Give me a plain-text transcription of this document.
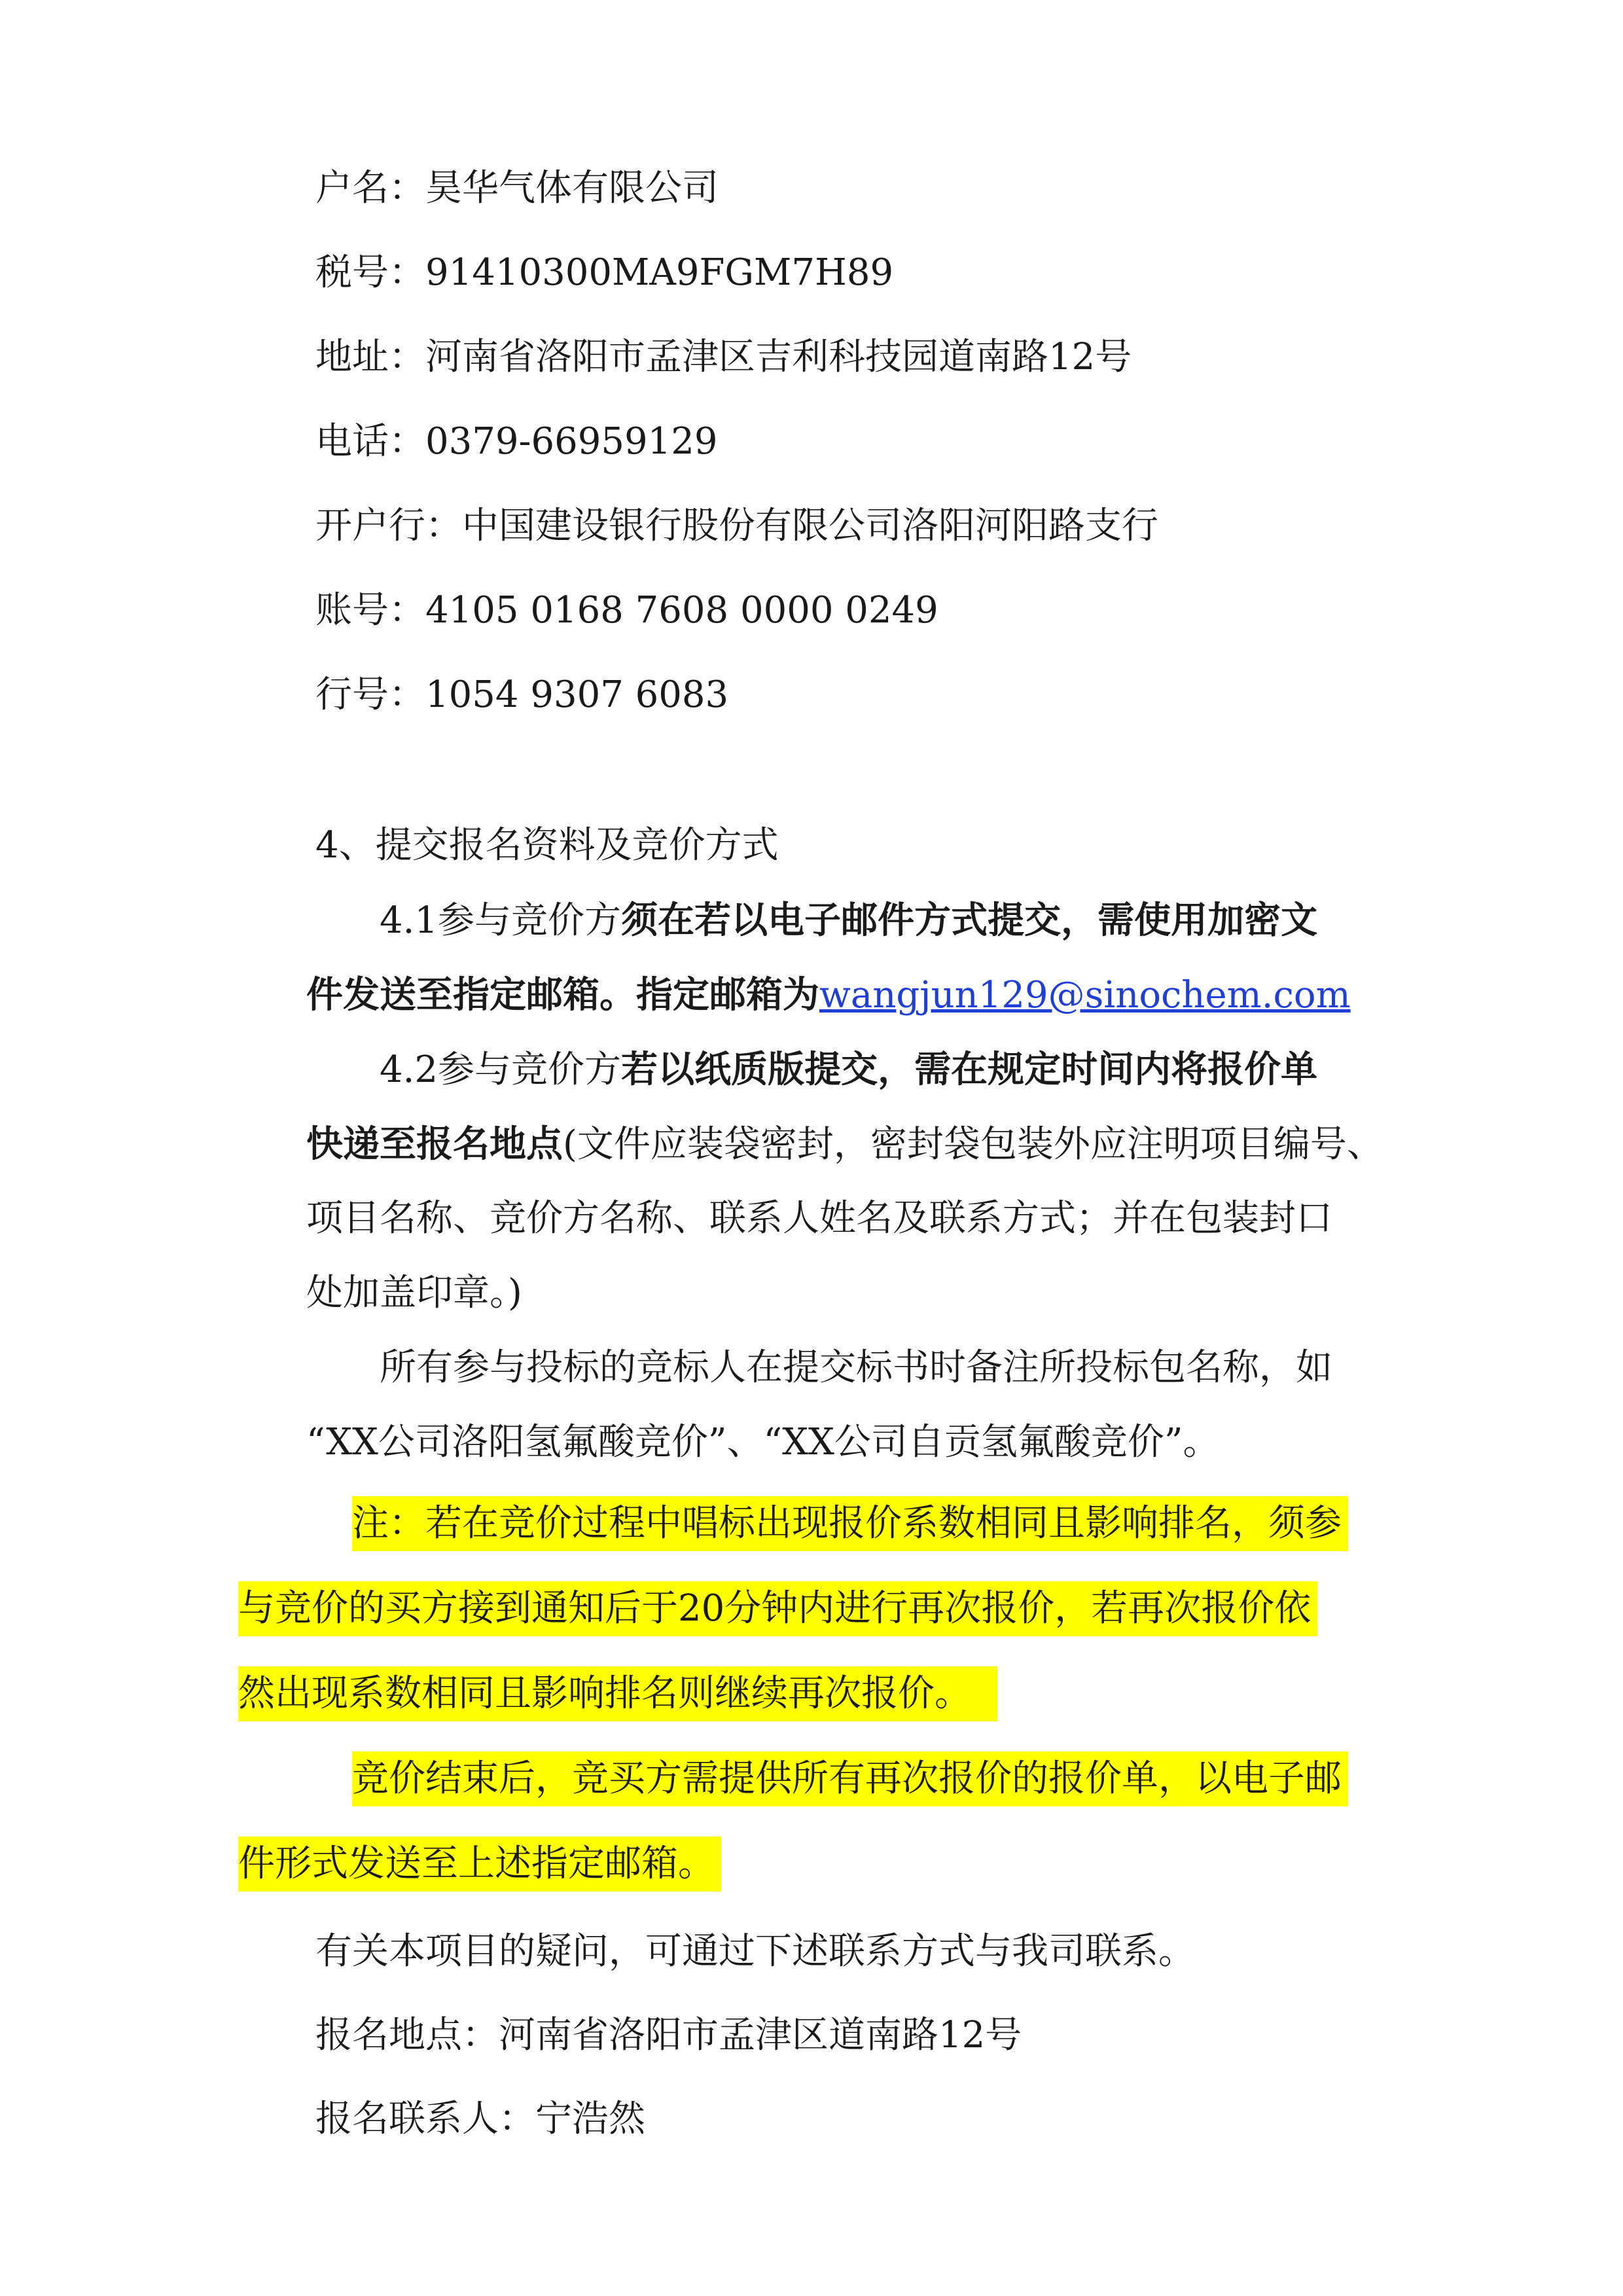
户名：昊华气体有限公司
税号：91410300MA9FGM7H89
地址：河南省洛阳市孟津区吉利科技园道南路12号
电话：0379-66959129
开户行：中国建设银行股份有限公司洛阳河阳路支行
账号：4105 0168 7608 0000 0249
行号：1054 9307 6083
4、提交报名资料及竞价方式
4.1参与竞价方须在若以电子邮件方式提交，需使用加密文
件发送至指定邮箱。指定邮箱为wangjun129@sinochem.com
4.2参与竞价方若以纸质版提交，需在规定时间内将报价单
快递至报名地点(文件应装袋密封，密封袋包装外应注明项目编号、
项目名称、竞价方名称、联系人姓名及联系方式；并在包装封口
处加盖印章。)
所有参与投标的竞标人在提交标书时备注所投标包名称，如
“XX公司洛阳氢氟酸竞价”、“XX公司自贡氢氟酸竞价”。
注：若在竞价过程中唱标出现报价系数相同且影响排名，须参
与竞价的买方接到通知后于20分钟内进行再次报价，若再次报价依
然出现系数相同且影响排名则继续再次报价。
竞价结束后，竞买方需提供所有再次报价的报价单，以电子邮
件形式发送至上述指定邮箱。
有关本项目的疑问，可通过下述联系方式与我司联系。
报名地点：河南省洛阳市孟津区道南路12号
报名联系人：宁浩然
